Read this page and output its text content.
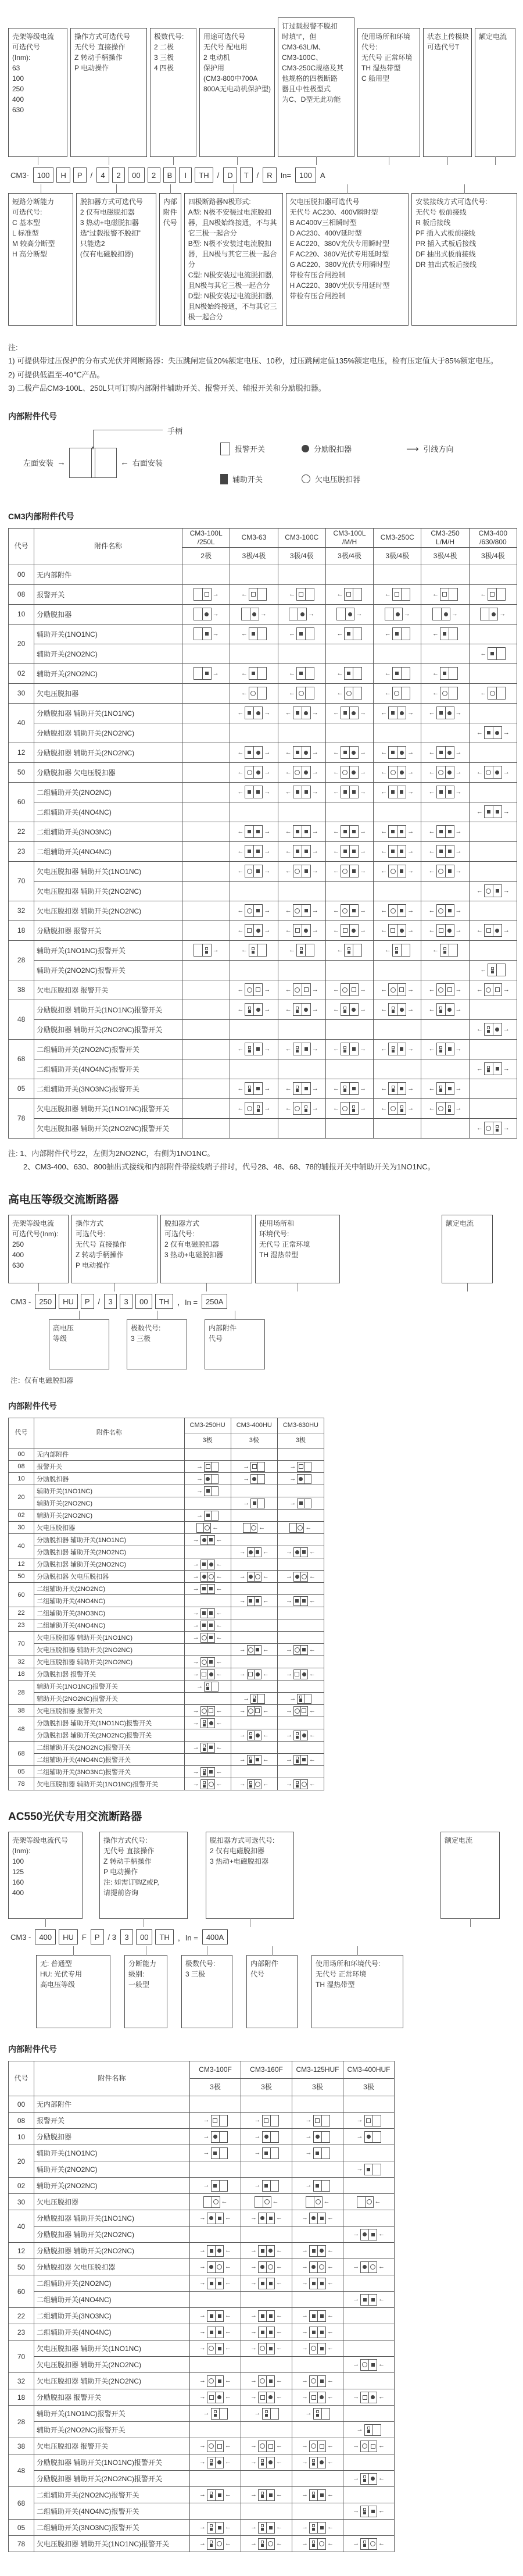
壳架等级电流
可选代号
(Inm):
63
100
250
400
630
操作方式可选代号
无代号 直接操作
Z 转动手柄操作
P 电动操作
极数代号:
2 二极
3 三极
4 四极
用途可选代号
无代号 配电用
2 电动机
保护用
(CM3-800中700A
800A无电动机保护型)
订过载报警不脱扣
时填“I”，但
CM3-63L/M、
CM3-100C、
CM3-250C规格及其
他规格的四极断路
器且中性极型式
为C、D型无此功能
使用场所和环境
代号:
无代号 正常环境
TH 湿热带型
C 船用型
状态上传模块
可选代号T
额定电流
CM3-	100	H	P	/	4	2	00	2	B	I	TH	/	D	T	/	R	In=	100	A
短路分断能力
可选代号:
C 基本型
L 标准型
M 较高分断型
H 高分断型
脱扣器方式可选代号
2 仅有电磁脱扣器
3 热动+电磁脱扣器
选“过载报警不脱扣”
只能选2
(仅有电磁脱扣器)
内部
附件
代号
四极断路器N极形式:
A型: N极不安装过电流脱扣
器，且N极始终接通，不与其
它三极一起合分
B型: N极不安装过电流脱扣
器，且N极与其它三极一起合
分
C型: N极安装过电流脱扣器,
且N极与其它三极一起合分
D型: N极安装过电流脱扣器,
且N极始终接通，不与其它三
极一起合分
欠电压脱扣器可选代号
无代号 AC230、400V瞬时型
B AC400V三相瞬时型
D AC230、400V延时型
E AC220、380V光伏专用瞬时型
F AC220、380V光伏专用延时型
G AC220、380V光伏专用瞬时型
带检有压合闸控制
H AC220、380V光伏专用延时型
带检有压合闸控制
安装接线方式可选代号:
无代号 板前接线
R 板后接线
PF 插入式板前接线
PR 插入式板后接线
DF 抽出式板前接线
DR 抽出式板后接线
注:
1) 可提供带过压保护的分布式光伏并网断路器：失压跳闸定值20%额定电压、10秒，过压跳闸定值135%额定电压，检有压定值大于85%额定电压。
2) 可提供低温至-40℃产品。
3) 二极产品CM3-100L、250L只可订购内部附件辅助开关、报警开关、辅报开关和分励脱扣器。
内部附件代号
左面安装 →
▼
手柄
← 右面安装
报警开关	分励脱扣器	⟶ 引线方向
辅助开关	欠电压脱扣器
CM3内部附件代号
代号	附件名称	CM3-100L /250L	CM3-63	CM3-100C	CM3-100L /M/H	CM3-250C	CM3-250 L/M/H	CM3-400 /630/800
		2极	3极/4极	3极/4极	3极/4极	3极/4极	3极/4极	3极/4极
00	无内部附件							
08	报警开关	→	←	←	←	←	←	←

10	分励脱扣器	→	→	→	→	→	→	→

20	辅助开关(1NO1NC)	→	←	←	←	←	←	

	辅助开关(2NO2NC)							←

02	辅助开关(2NO2NC)	→	←	←	←	←	←	

30	欠电压脱扣器		←	←	←	←	←	←

40	分励脱扣器 辅助开关(1NO1NC)		← →	← →	← →	← →	← →	

	分励脱扣器 辅助开关(2NO2NC)							← →

12	分励脱扣器 辅助开关(2NO2NC)		← →	← →	← →	← →	← →	

50	分励脱扣器 欠电压脱扣器		← →	← →	← →	← →	← →	← →

60	二组辅助开关(2NO2NC)		← →	← →	← →	← →	← →	

	二组辅助开关(4NO4NC)							← →

22	二组辅助开关(3NO3NC)		← →	← →	← →	← →	← →	

23	二组辅助开关(4NO4NC)		← →	← →	← →	← →	← →	

70	欠电压脱扣器 辅助开关(1NO1NC)		← →	← →	← →	← →	← →	

	欠电压脱扣器 辅助开关(2NO2NC)							← →

32	欠电压脱扣器 辅助开关(2NO2NC)		← →	← →	← →	← →	← →	

18	分励脱扣器 报警开关		← →	← →	← →	← →	← →	← →

28	辅助开关(1NO1NC)报警开关	→	←	←	←	←	←	

	辅助开关(2NO2NC)报警开关							←

38	欠电压脱扣器 报警开关		← →	← →	← →	← →	← →	← →

48	分励脱扣器 辅助开关(1NO1NC)报警开关		← →	← →	← →	← →	← →	

	分励脱扣器 辅助开关(2NO2NC)报警开关							← →

68	二组辅助开关(2NO2NC)报警开关		← →	← →	← →	← →	← →	

	二组辅助开关(4NO4NC)报警开关							← →

05	二组辅助开关(3NO3NC)报警开关		← →	← →	← →	← →	← →	

78	欠电压脱扣器 辅助开关(1NO1NC)报警开关		← →	← →	← →	← →	← →	

	欠电压脱扣器 辅助开关(2NO2NC)报警开关							← →
注: 1、内部附件代号22，左侧为2NO2NC，右侧为1NO1NC。
2、CM3-400、630、800抽出式接线和内部附件带接线端子排时，代号28、48、68、78的辅报开关中辅助开关为1NO1NC。
高电压等级交流断路器
壳架等级电流
可选代号(Inm):
250
400
630
操作方式
可选代号:
无代号 直接操作
Z 转动手柄操作
P 电动操作
脱扣器方式
可选代号:
2 仅有电磁脱扣器
3 热动+电磁脱扣器
使用场所和
环境代号:
无代号 正常环境
TH 湿热带型
额定电流
CM3 -	250	HU	P	/	3	3	00	TH	，In =	250A
高电压
等级
极数代号:
3 三极
内部附件
代号
注：仅有电磁脱扣器
内部附件代号
代号	附件名称	CM3-250HU	CM3-400HU	CM3-630HU
		3极	3极	3极
00	无内部附件			
08	报警开关	→	→	→

10	分励脱扣器	→	→	→

20	辅助开关(1NO1NC)	→		

	辅助开关(2NO2NC)		→	→

02	辅助开关(2NO2NC)	→		

30	欠电压脱扣器	←	←	←

40	分励脱扣器 辅助开关(1NO1NC)	→ ←		

	分励脱扣器 辅助开关(2NO2NC)		→ ←	→ ←

12	分励脱扣器 辅助开关(2NO2NC)	→ ←		

50	分励脱扣器 欠电压脱扣器	→ ←	→ ←	→ ←

60	二组辅助开关(2NO2NC)	→ ←		

	二组辅助开关(4NO4NC)		→ ←	→ ←

22	二组辅助开关(3NO3NC)	→ ←		

23	二组辅助开关(4NO4NC)	→ ←		

70	欠电压脱扣器 辅助开关(1NO1NC)	→ ←		

	欠电压脱扣器 辅助开关(2NO2NC)		→ ←	→ ←

32	欠电压脱扣器 辅助开关(2NO2NC)	→ ←		

18	分励脱扣器 报警开关	→ ←	→ ←	→ ←

28	辅助开关(1NO1NC)报警开关	→		

	辅助开关(2NO2NC)报警开关		→	→

38	欠电压脱扣器 报警开关	→ ←	→ ←	→ ←

48	分励脱扣器 辅助开关(1NO1NC)报警开关	→ ←		

	分励脱扣器 辅助开关(2NO2NC)报警开关		→ ←	→ ←

68	二组辅助开关(2NO2NC)报警开关	→ ←		

	二组辅助开关(4NO4NC)报警开关		→ ←	→ ←

05	二组辅助开关(3NO3NC)报警开关	→ ←		

78	欠电压脱扣器 辅助开关(1NO1NC)报警开关	→ ←	→ ←	→ ←
AC550光伏专用交流断路器
壳架等级电流代号
(Inm):
100
125
160
400
操作方式代号:
无代号 直接操作
Z 转动手柄操作
P 电动操作
注: 如需订购Z或P,
请提前咨询
脱扣器方式可选代号:
2 仅有电磁脱扣器
3 热动+电磁脱扣器
额定电流
CM3 -	400	HU	F	P	/ 3	3	00	TH	，In =	400A
无: 普通型
HU: 光伏专用
高电压等级
分断能力
级别:
一般型
极数代号:
3 三极
内部附件
代号
使用场所和环境代号:
无代号 正常环境
TH 湿热带型
内部附件代号
代号	附件名称	CM3-100F	CM3-160F	CM3-125HUF	CM3-400HUF
		3极	3极	3极	3极
00	无内部附件				
08	报警开关	→	→	→	→

10	分励脱扣器	→	→	→	→

20	辅助开关(1NO1NC)	→	→	→	

	辅助开关(2NO2NC)				→

02	辅助开关(2NO2NC)	→	→	→	

30	欠电压脱扣器	←	←	←	←

40	分励脱扣器 辅助开关(1NO1NC)	→ ←	→ ←	→ ←	

	分励脱扣器 辅助开关(2NO2NC)				→ ←

12	分励脱扣器 辅助开关(2NO2NC)	→ ←	→ ←	→ ←	

50	分励脱扣器 欠电压脱扣器	→ ←	→ ←	→ ←	→ ←

60	二组辅助开关(2NO2NC)	→ ←	→ ←	→ ←	

	二组辅助开关(4NO4NC)				→ ←

22	二组辅助开关(3NO3NC)	→ ←	→ ←	→ ←	

23	二组辅助开关(4NO4NC)	→ ←	→ ←	→ ←	

70	欠电压脱扣器 辅助开关(1NO1NC)	→ ←	→ ←	→ ←	

	欠电压脱扣器 辅助开关(2NO2NC)				→ ←

32	欠电压脱扣器 辅助开关(2NO2NC)	→ ←	→ ←	→ ←	

18	分励脱扣器 报警开关	→ ←	→ ←	→ ←	→ ←

28	辅助开关(1NO1NC)报警开关	→	→	→	

	辅助开关(2NO2NC)报警开关				→

38	欠电压脱扣器 报警开关	→ ←	→ ←	→ ←	→ ←

48	分励脱扣器 辅助开关(1NO1NC)报警开关	→ ←	→ ←	→ ←	

	分励脱扣器 辅助开关(2NO2NC)报警开关				→ ←

68	二组辅助开关(2NO2NC)报警开关	→ ←	→ ←	→ ←	

	二组辅助开关(4NO4NC)报警开关				→ ←

05	二组辅助开关(3NO3NC)报警开关	→ ←	→ ←	→ ←	

78	欠电压脱扣器 辅助开关(1NO1NC)报警开关	→ ←	→ ←	→ ←	→ ←
